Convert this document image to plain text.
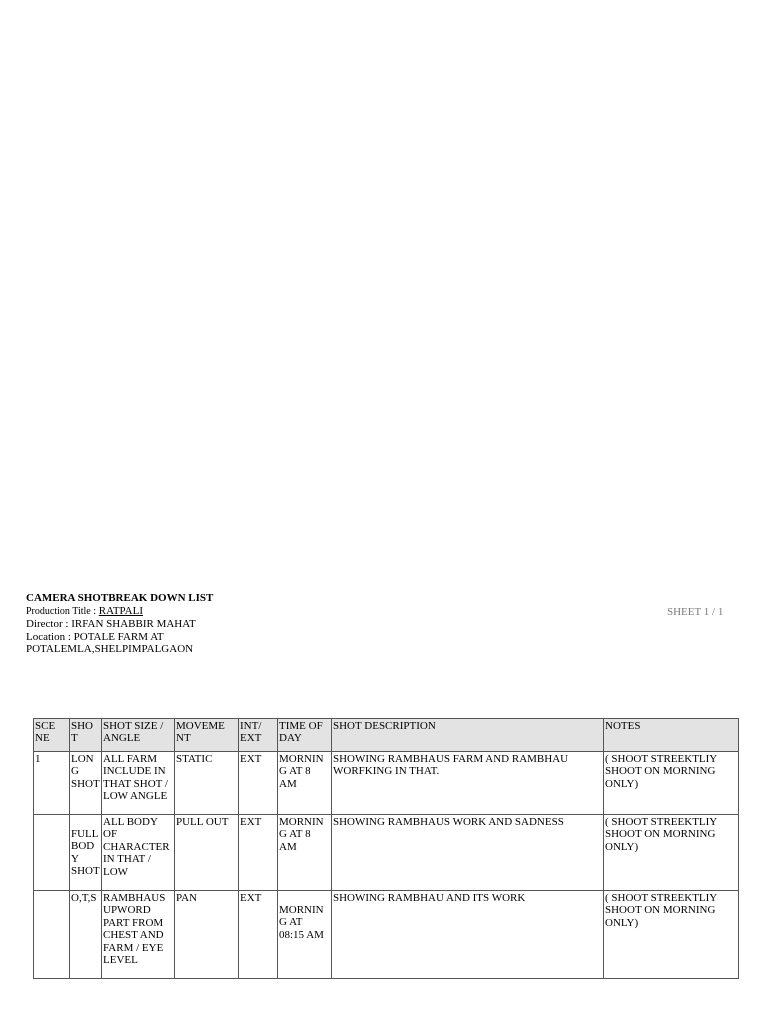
CAMERA SHOTBREAK DOWN LIST
Production Title : RATPALI
Director : IRFAN SHABBIR MAHAT
Location : POTALE FARM AT
POTALEMLA,SHELPIMPALGAON
SHEET 1 / 1
SCE NE	SHO T	SHOT SIZE / ANGLE	MOVEME NT	INT/ EXT	TIME OF DAY	SHOT DESCRIPTION	NOTES
1	LON G SHOT	ALL FARM INCLUDE IN THAT SHOT / LOW ANGLE	STATIC	EXT	MORNIN G AT 8 AM	SHOWING RAMBHAUS FARM AND RAMBHAU WORFKING IN THAT.	( SHOOT STREEKTLIY SHOOT ON MORNING ONLY)
	FULL BOD Y SHOT	ALL BODY OF CHARACTER IN THAT / LOW	PULL OUT	EXT	MORNIN G AT 8 AM	SHOWING RAMBHAUS WORK AND SADNESS	( SHOOT STREEKTLIY SHOOT ON MORNING ONLY)
	O,T,S	RAMBHAUS UPWORD PART FROM CHEST AND FARM / EYE LEVEL	PAN	EXT	MORNIN G AT 08:15 AM	SHOWING RAMBHAU AND ITS WORK	( SHOOT STREEKTLIY SHOOT ON MORNING ONLY)
